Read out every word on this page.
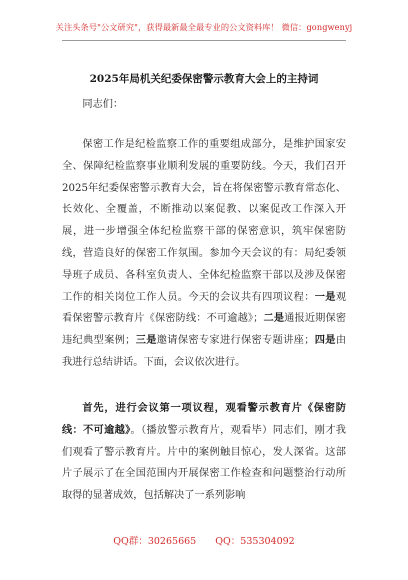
关注头条号"公文研究"，获得最新最全最专业的公文资料库！ 微信：gongwenyj
2025年局机关纪委保密警示教育大会上的主持词
同志们：

保密工作是纪检监察工作的重要组成部分，是维护国家安全、保障纪检监察事业顺利发展的重要防线。今天，我们召开2025年纪委保密警示教育大会，旨在将保密警示教育常态化、长效化、全覆盖，不断推动以案促教、以案促改工作深入开展，进一步增强全体纪检监察干部的保密意识，筑牢保密防线，营造良好的保密工作氛围。参加今天会议的有：局纪委领导班子成员、各科室负责人、全体纪检监察干部以及涉及保密工作的相关岗位工作人员。今天的会议共有四项议程：一是观看保密警示教育片《保密防线：不可逾越》；二是通报近期保密违纪典型案例；三是邀请保密专家进行保密专题讲座；四是由我进行总结讲话。下面，会议依次进行。

首先，进行会议第一项议程，观看警示教育片《保密防线：不可逾越》。（播放警示教育片，观看毕）同志们，刚才我们观看了警示教育片。片中的案例触目惊心，发人深省。这部片子展示了在全国范围内开展保密工作检查和问题整治行动所取得的显著成效，包括解决了一系列影响

QQ群：30265665 QQ：535304092
